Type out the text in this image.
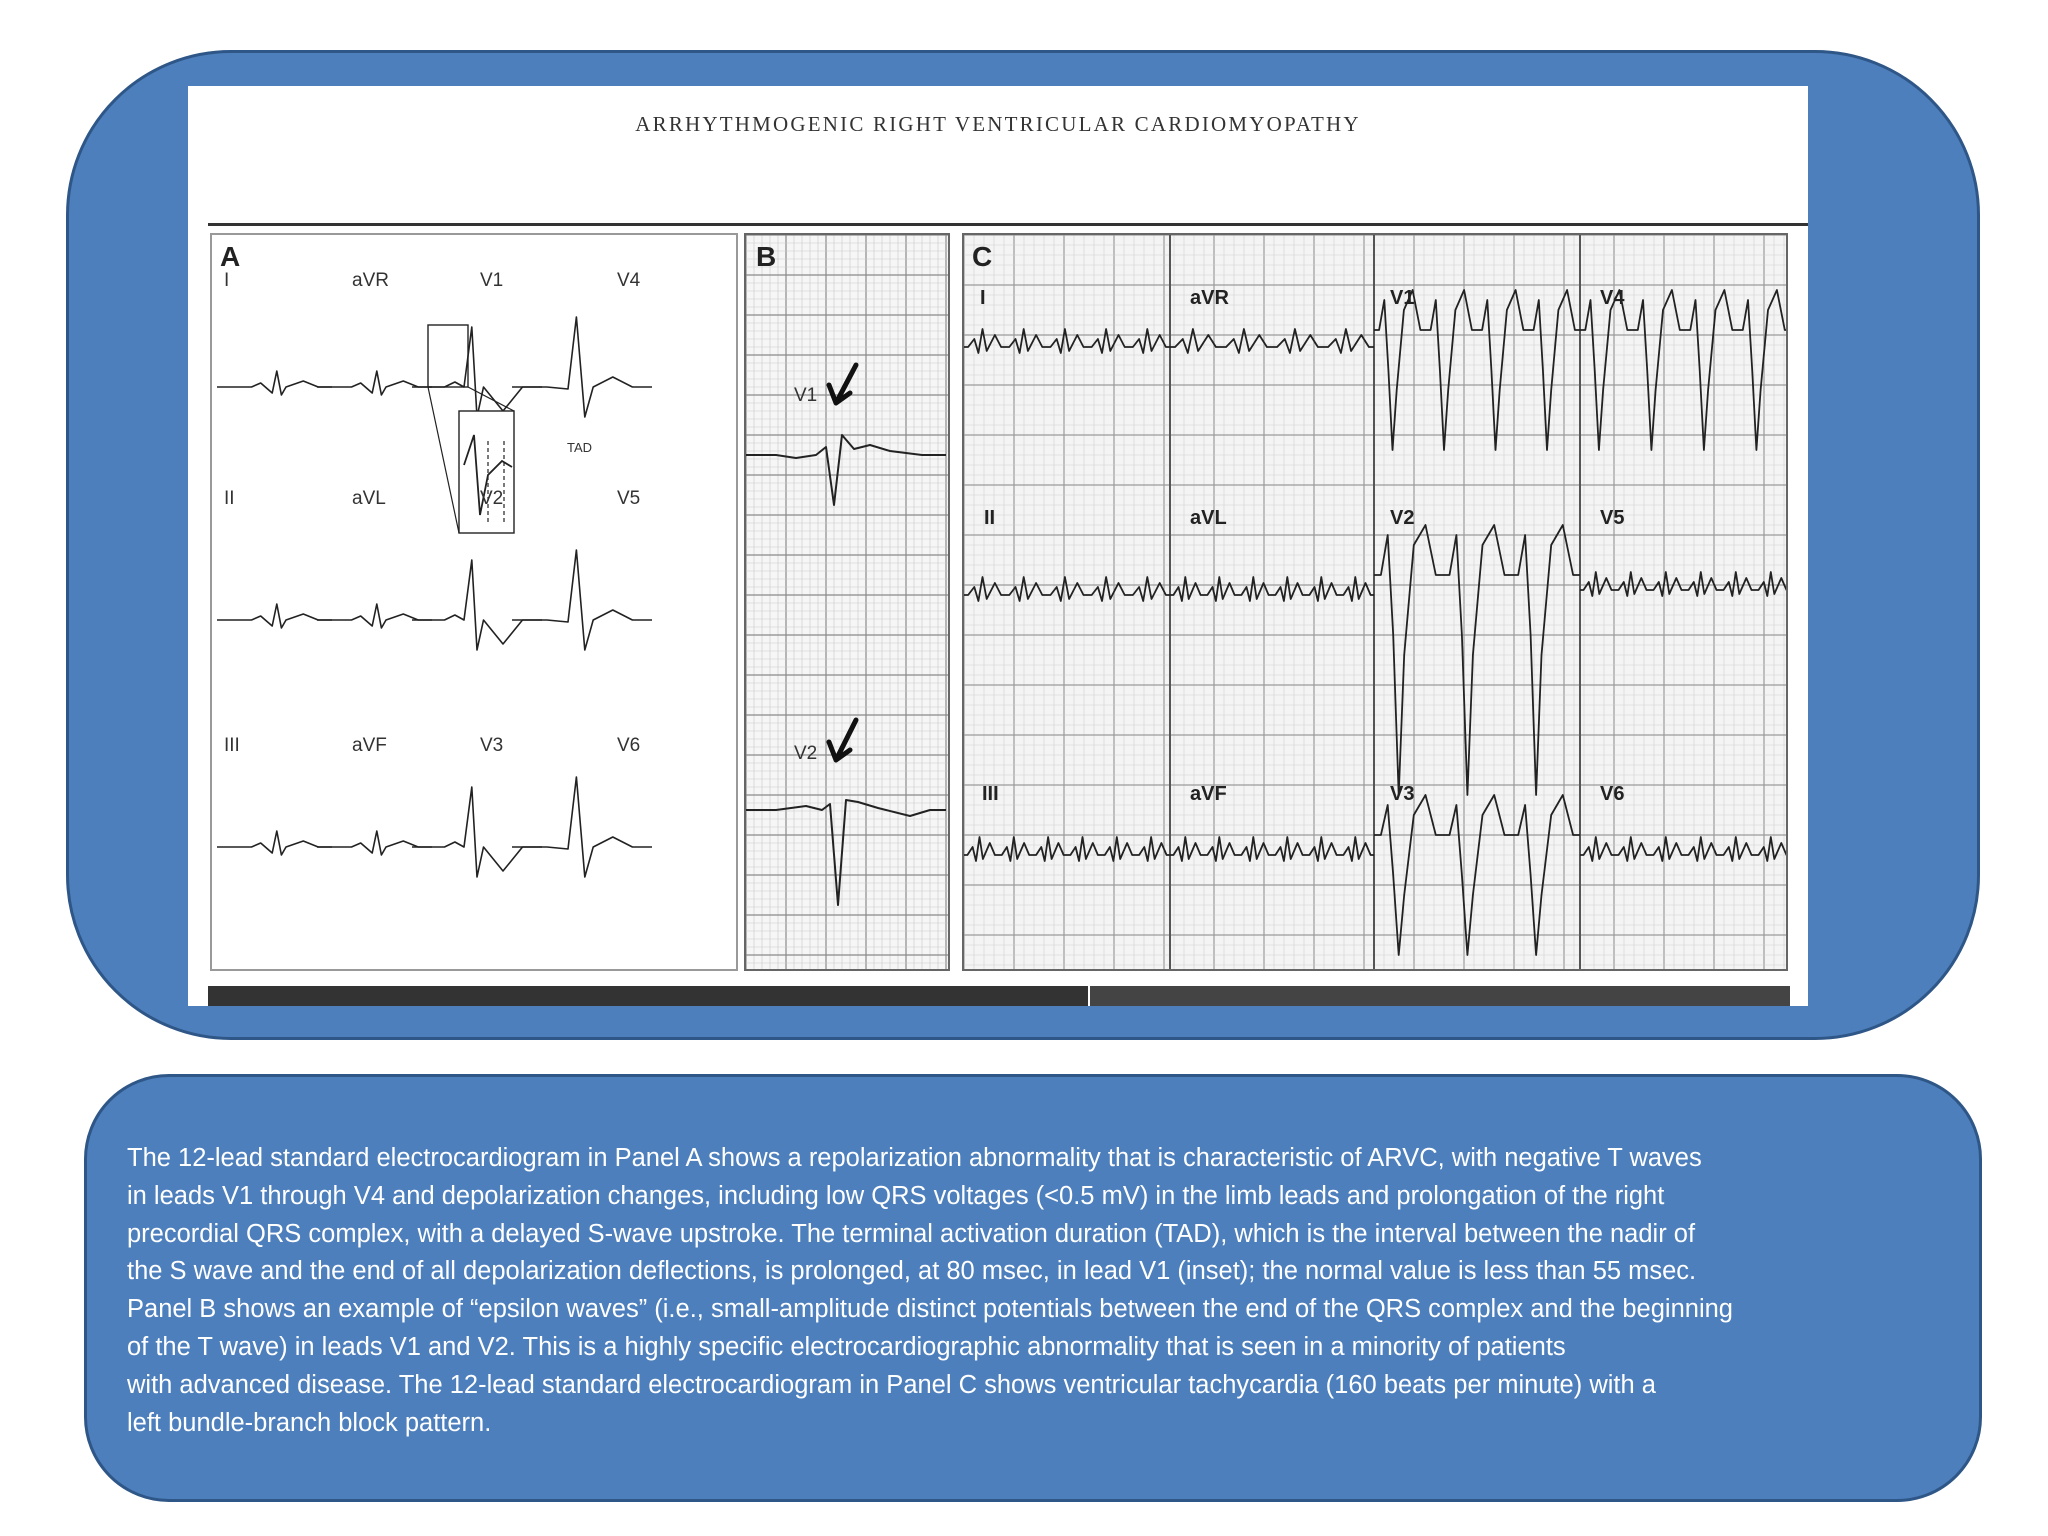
ARRHYTHMOGENIC RIGHT VENTRICULAR CARDIOMYOPATHY
A
I	aVR	V1	V4
II	aVL	V2	V5
III	aVF	V3	V6
TAD
B
V1
V2
C
I	aVR	V1	V4
II	aVL	V2	V5
III	aVF	V3	V6
The 12-lead standard electrocardiogram in Panel A shows a repolarization abnormality that is characteristic of ARVC, with negative T waves
in leads V1 through V4 and depolarization changes, including low QRS voltages (<0.5 mV) in the limb leads and prolongation of the right
precordial QRS complex, with a delayed S-wave upstroke. The terminal activation duration (TAD), which is the interval between the nadir of
the S wave and the end of all depolarization deflections, is prolonged, at 80 msec, in lead V1 (inset); the normal value is less than 55 msec.
Panel B shows an example of “epsilon waves” (i.e., small-amplitude distinct potentials between the end of the QRS complex and the beginning
of the T wave) in leads V1 and V2. This is a highly specific electrocardiographic abnormality that is seen in a minority of patients
with advanced disease. The 12-lead standard electrocardiogram in Panel C shows ventricular tachycardia (160 beats per minute) with a
left bundle-branch block pattern.
